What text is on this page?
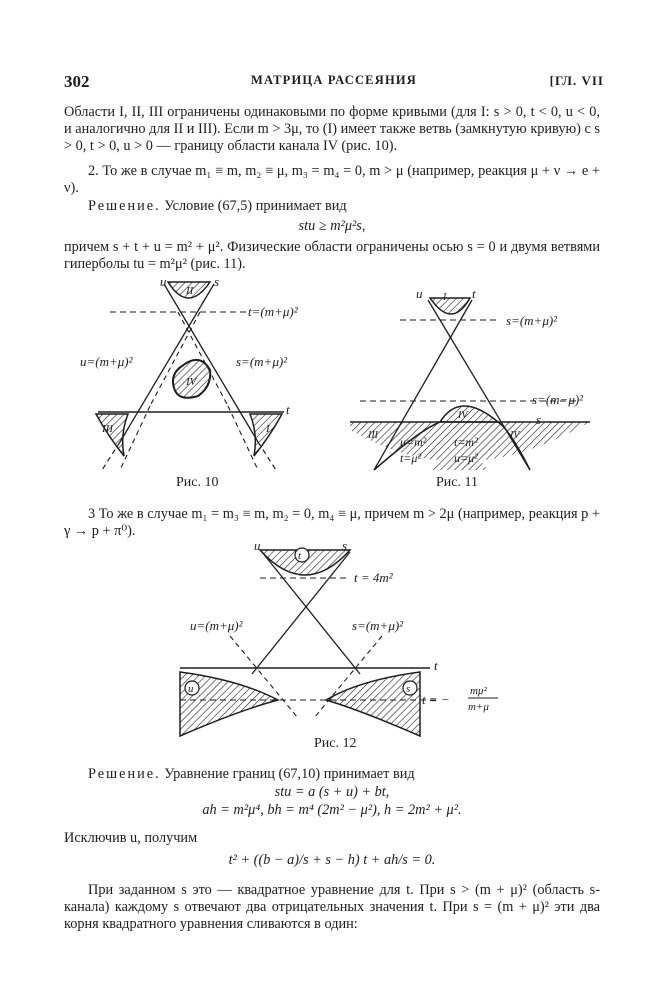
302	МАТРИЦА РАССЕЯНИЯ	[ГЛ. VII

Области I, II, III ограничены одинаковыми по форме кривыми (для I: s > 0, t < 0, u < 0, и аналогично для II и III). Если m > 3μ, то (I) имеет также ветвь (замкнутую кривую) с s > 0, t > 0, u > 0 — границу области канала IV (рис. 10).

2. То же в случае m₁ ≡ m, m₂ ≡ μ, m₃ = m₄ = 0, m > μ (например, реакция μ + ν → e + ν).

Решение. Условие (67,5) принимает вид

stu ≥ m²μ²s,

причем s + t + u = m² + μ². Физические области ограничены осью s = 0 и двумя ветвями гиперболы tu = m²μ² (рис. 11).

u	s
II
t=(m+μ)²
u=(m+μ)²	s=(m+μ)²
IV
t
III	I
Рис. 10
u I t
s=(m+μ)²
s=(m−μ)²
s
IV
III	IV
u=m²
t=μ²
t=m²
u=μ²
Рис. 11

3 То же в случае m₁ = m₃ ≡ m, m₂ = 0, m₄ ≡ μ, причем m > 2μ (например, реакция p + γ → p + π⁰).

u	s
t
t = 4m²
u=(m+μ)²	s=(m+μ)²
t
u	s
t = −
mμ²
m+μ
Рис. 12

Решение. Уравнение границ (67,10) принимает вид

stu = a (s + u) + bt,

ah = m²μ⁴, bh = m⁴ (2m² − μ²), h = 2m² + μ².

Исключив u, получим

t² + ((b − a)/s + s − h) t + ah/s = 0.

При заданном s это — квадратное уравнение для t. При s > (m + μ)² (область s-канала) каждому s отвечают два отрицательных значения t. При s = (m + μ)² эти два корня квадратного уравнения сливаются в один:
